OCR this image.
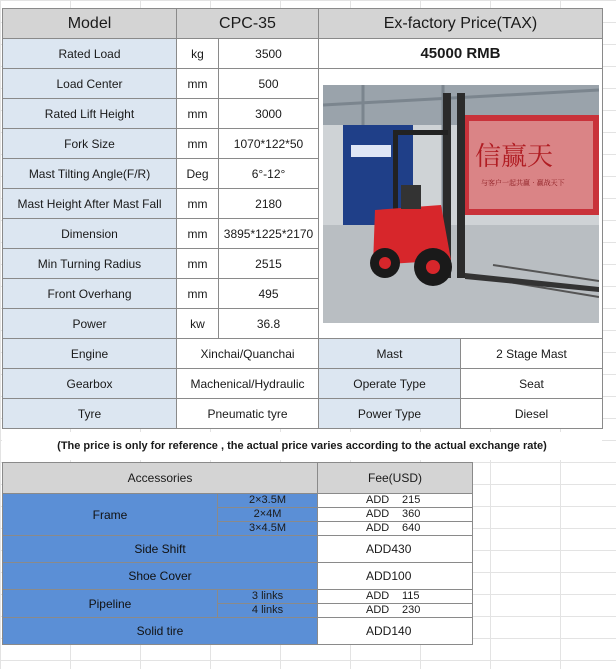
Model	CPC-35		Ex-factory Price(TAX)	
Rated Load	kg	3500	45000 RMB	
Load Center	mm	500	信赢天
与客户一起共赢 · 赢战天下	

Rated Lift Height	mm	3000		
Fork Size	mm	1070*122*50		
Mast Tilting Angle(F/R)	Deg	6°-12°		
Mast Height After Mast Fall	mm	2180		
Dimension	mm	3895*1225*2170		
Min Turning Radius	mm	2515		
Front Overhang	mm	495		
Power	kw	36.8		
Engine	Xinchai/Quanchai		Mast	2 Stage Mast
Gearbox	Machenical/Hydraulic		Operate Type	Seat
Tyre	Pneumatic tyre		Power Type	Diesel
(The price is only for reference , the actual price varies according to the actual exchange rate)
Accessories		Fee(USD)
Frame	2×3.5M	ADD 215
	2×4M	ADD 360
	3×4.5M	ADD 640
Side Shift		ADD430
Shoe Cover		ADD100
Pipeline	3 links	ADD 115
	4 links	ADD 230
Solid tire		ADD140
